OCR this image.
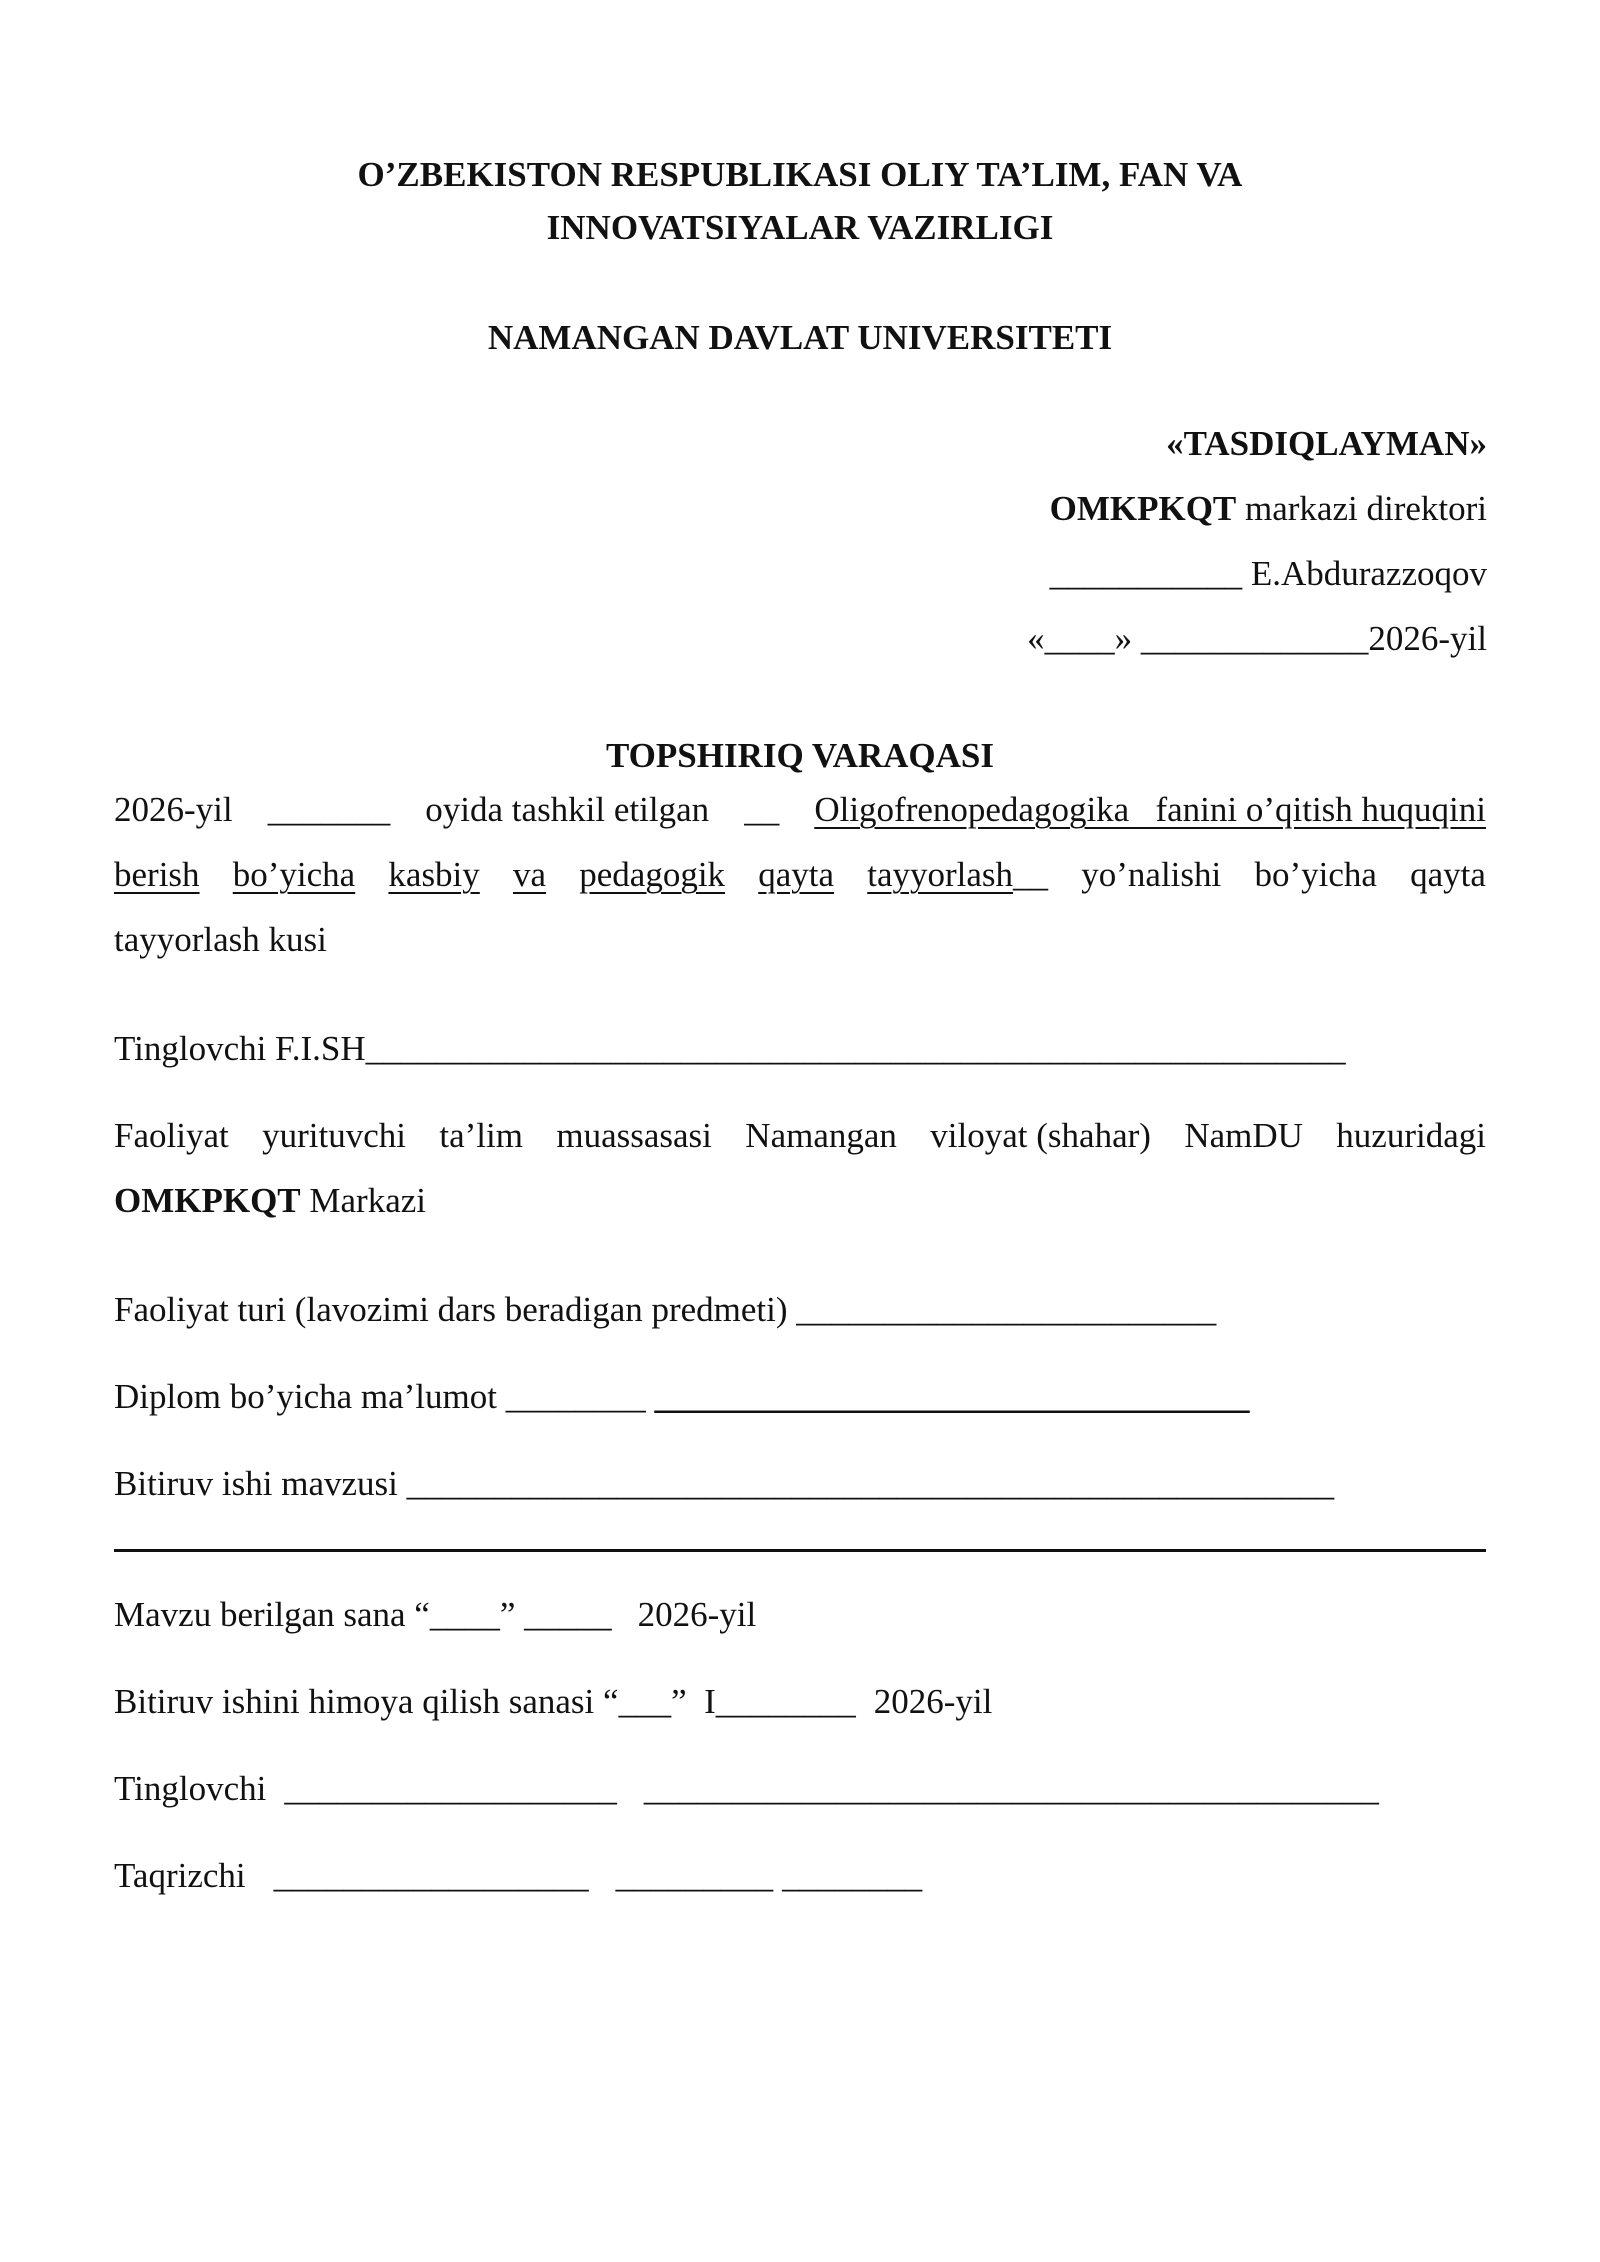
O’ZBEKISTON RESPUBLIKASI OLIY TA’LIM, FAN VA
INNOVATSIYALAR VAZIRLIGI
NAMANGAN DAVLAT UNIVERSITETI
«TASDIQLAYMAN»
OMKPKQT markazi direktori
___________ E.Abdurazzoqov
«____» _____________2026-yil
TOPSHIRIQ VARAQASI
2026-yil _______ oyida tashkil etilgan __ Oligofrenopedagogika   fanini o’qitish huquqini
berish bo’yicha kasbiy va pedagogik qayta tayyorlash__ yo’nalishi bo’yicha qayta
tayyorlash kusi
Tinglovchi F.I.SH________________________________________________________
Faoliyat yurituvchi ta’lim muassasasi Namangan viloyat (shahar) NamDU huzuridagi
OMKPKQT Markazi
Faoliyat turi (lavozimi dars beradigan predmeti) ________________________
Diplom bo’yicha ma’lumot ________ __________________________________
Bitiruv ishi mavzusi _____________________________________________________
Mavzu berilgan sana “____” _____ 2026-yil
Bitiruv ishini himoya qilish sanasi “___”  I________ 2026-yil
Tinglovchi ___________________ __________________________________________
Taqrizchi __________________ _________ ________
